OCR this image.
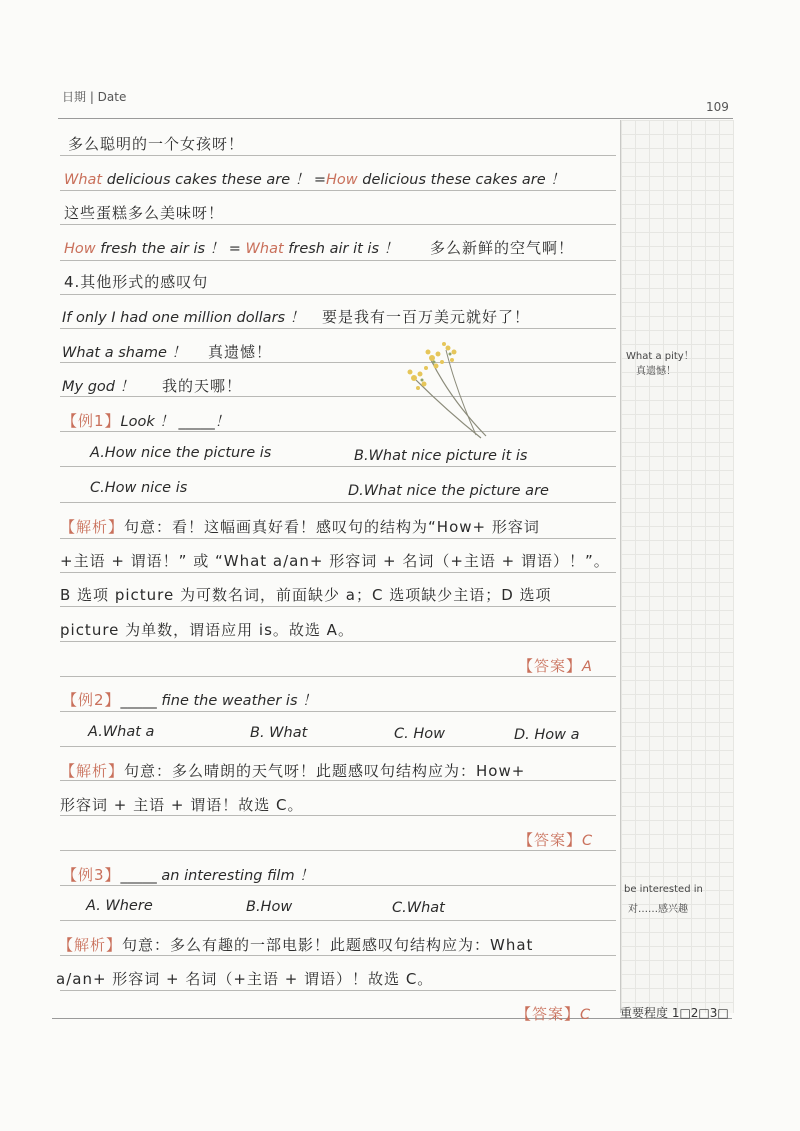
日期 | Date
109
多么聪明的一个女孩呀！
What delicious cakes these are ！ =How delicious these cakes are ！
这些蛋糕多么美味呀！
How fresh the air is ！ = What fresh air it is ！ 多么新鲜的空气啊！
4.其他形式的感叹句
If only I had one million dollars ！ 要是我有一百万美元就好了！
What a shame ！ 真遗憾！
My god ！ 我的天哪！
【例1】Look ！ _____！
A.How nice the picture is	B.What nice picture it is
C.How nice is	D.What nice the picture are
【解析】句意：看！这幅画真好看！感叹句的结构为“How+ 形容词
+主语 + 谓语！” 或 “What a/an+ 形容词 + 名词（+主语 + 谓语）！”。
B 选项 picture 为可数名词，前面缺少 a；C 选项缺少主语；D 选项
picture 为单数，谓语应用 is。故选 A。
【答案】A
【例2】_____ fine the weather is ！
A.What a	B. What	C. How	D. How a
【解析】句意：多么晴朗的天气呀！此题感叹句结构应为：How+
形容词 + 主语 + 谓语！故选 C。
【答案】C
【例3】_____ an interesting film ！
A. Where	B.How	C.What
【解析】句意：多么有趣的一部电影！此题感叹句结构应为：What
a/an+ 形容词 + 名词（+主语 + 谓语）！故选 C。
【答案】C
What a pity！
真遗憾！
be interested in
对……感兴趣
重要程度 1□2□3□
